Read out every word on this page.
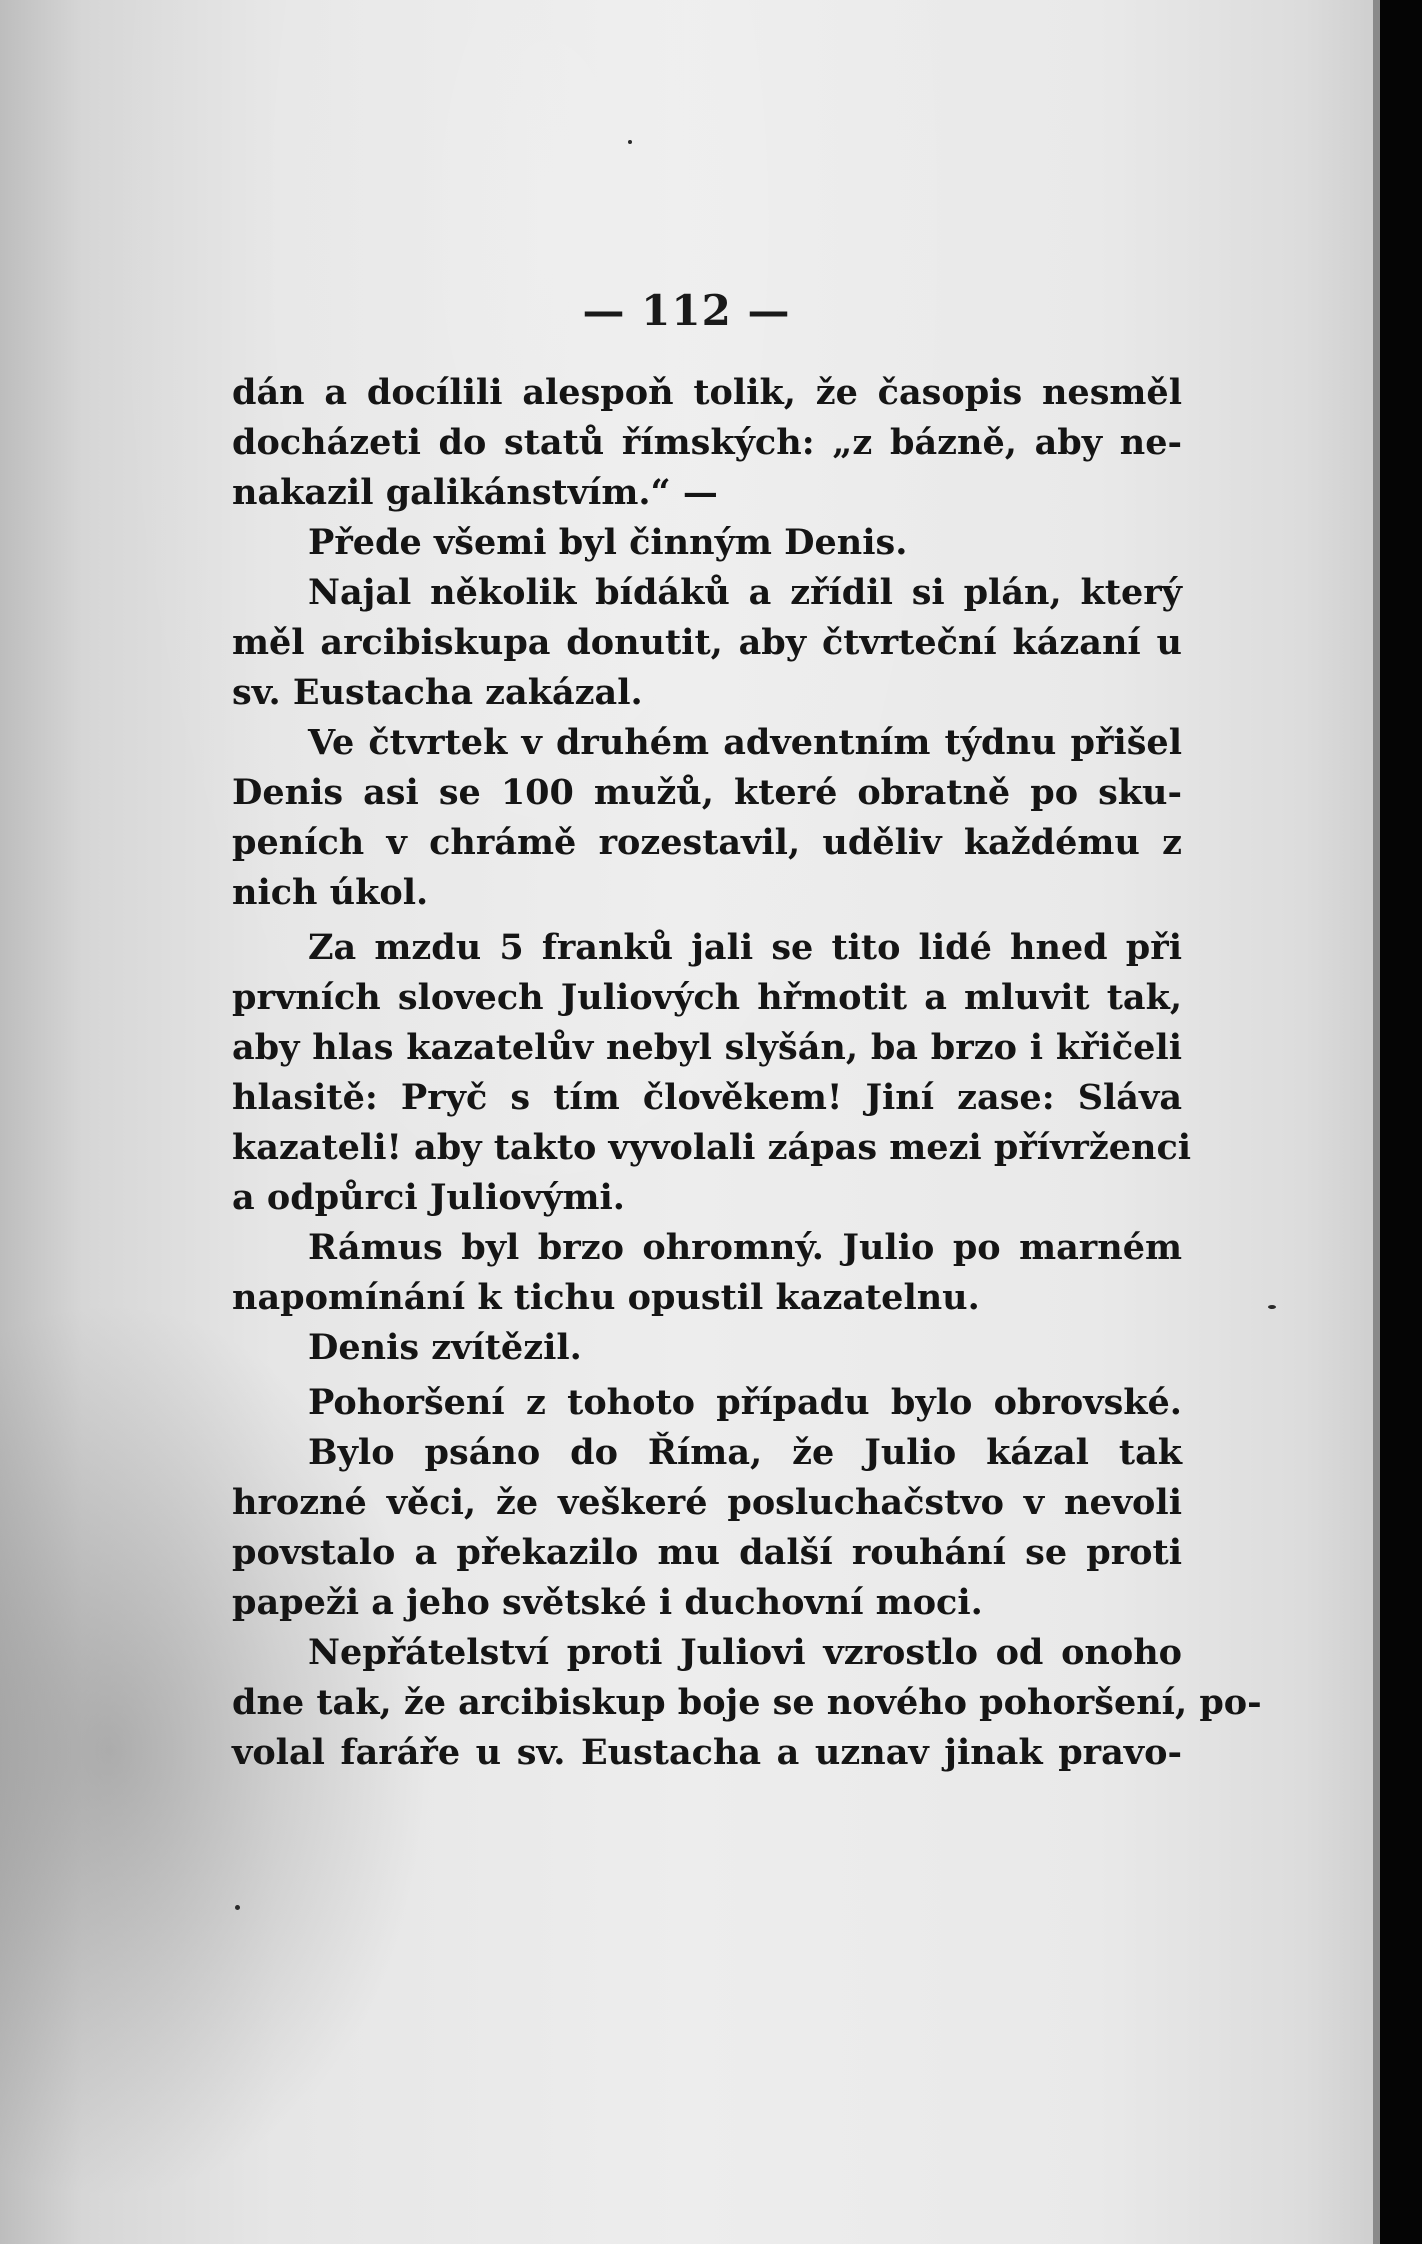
— 112 —
dán a docílili alespoň tolik, že časopis nesměl
docházeti do statů římských: „z bázně, aby ne-
nakazil galikánstvím.“ —
Přede všemi byl činným Denis.
Najal několik bídáků a zřídil si plán, který
měl arcibiskupa donutit, aby čtvrteční kázaní u
sv. Eustacha zakázal.
Ve čtvrtek v druhém adventním týdnu přišel
Denis asi se 100 mužů, které obratně po sku-
peních v chrámě rozestavil, uděliv každému z
nich úkol.
Za mzdu 5 franků jali se tito lidé hned při
prvních slovech Juliových hřmotit a mluvit tak,
aby hlas kazatelův nebyl slyšán, ba brzo i křičeli
hlasitě: Pryč s tím člověkem! Jiní zase: Sláva
kazateli! aby takto vyvolali zápas mezi přívrženci
a odpůrci Juliovými.
Rámus byl brzo ohromný. Julio po marném
napomínání k tichu opustil kazatelnu.
Denis zvítězil.
Pohoršení z tohoto případu bylo obrovské.
Bylo psáno do Říma, že Julio kázal tak
hrozné věci, že veškeré posluchačstvo v nevoli
povstalo a překazilo mu další rouhání se proti
papeži a jeho světské i duchovní moci.
Nepřátelství proti Juliovi vzrostlo od onoho
dne tak, že arcibiskup boje se nového pohoršení, po-
volal faráře u sv. Eustacha a uznav jinak pravo-
